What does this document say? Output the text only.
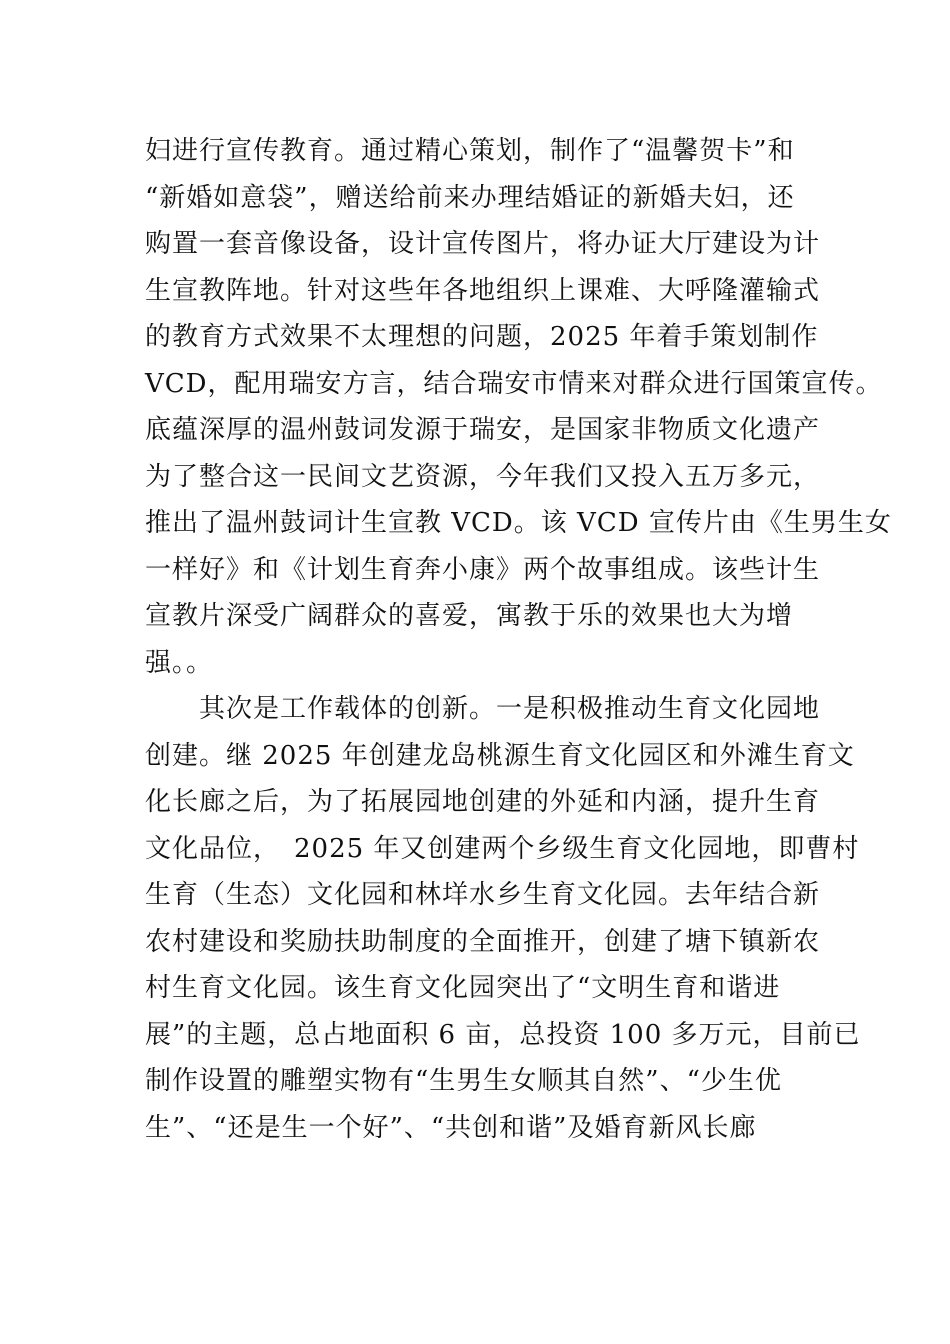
妇进行宣传教育。通过精心策划，制作了“温馨贺卡”和
“新婚如意袋”，赠送给前来办理结婚证的新婚夫妇，还
购置一套音像设备，设计宣传图片，将办证大厅建设为计
生宣教阵地。针对这些年各地组织上课难、大呼隆灌输式
的教育方式效果不太理想的问题，2025 年着手策划制作
VCD，配用瑞安方言，结合瑞安市情来对群众进行国策宣传。
底蕴深厚的温州鼓词发源于瑞安，是国家非物质文化遗产
为了整合这一民间文艺资源，今年我们又投入五万多元，
推出了温州鼓词计生宣教 VCD。该 VCD 宣传片由《生男生女
一样好》和《计划生育奔小康》两个故事组成。该些计生
宣教片深受广阔群众的喜爱，寓教于乐的效果也大为增
强。。
　　其次是工作载体的创新。一是积极推动生育文化园地
创建。继 2025 年创建龙岛桃源生育文化园区和外滩生育文
化长廊之后，为了拓展园地创建的外延和内涵，提升生育
文化品位，　2025 年又创建两个乡级生育文化园地，即曹村
生育（生态）文化园和林垟水乡生育文化园。去年结合新
农村建设和奖励扶助制度的全面推开，创建了塘下镇新农
村生育文化园。该生育文化园突出了“文明生育和谐进
展”的主题，总占地面积 6 亩，总投资 100 多万元，目前已
制作设置的雕塑实物有“生男生女顺其自然”、“少生优
生”、“还是生一个好”、“共创和谐”及婚育新风长廊
